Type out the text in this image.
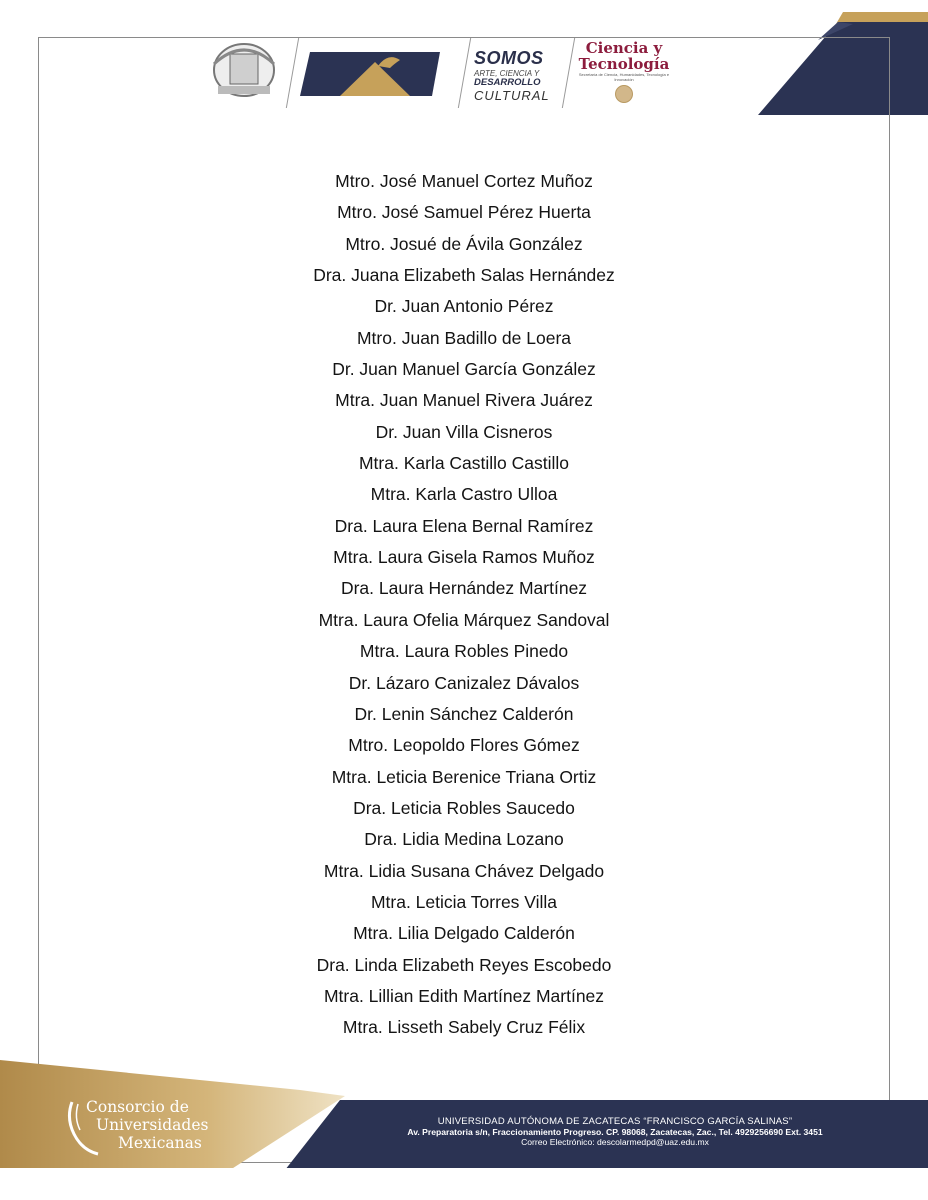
SOMOS
ARTE, CIENCIA Y
DESARROLLO
CULTURAL
Ciencia y
Tecnología
Secretaría de Ciencia, Humanidades, Tecnología e Innovación
Mtro. José Manuel Cortez Muñoz
Mtro. José Samuel Pérez Huerta
Mtro. Josué de Ávila González
Dra. Juana Elizabeth Salas Hernández
Dr. Juan Antonio Pérez
Mtro. Juan Badillo de Loera
Dr. Juan Manuel García González
Mtra. Juan Manuel Rivera Juárez
Dr. Juan Villa Cisneros
Mtra. Karla Castillo Castillo
Mtra. Karla Castro Ulloa
Dra. Laura Elena Bernal Ramírez
Mtra. Laura Gisela Ramos Muñoz
Dra. Laura Hernández Martínez
Mtra. Laura Ofelia Márquez Sandoval
Mtra. Laura Robles Pinedo
Dr. Lázaro Canizalez Dávalos
Dr. Lenin Sánchez Calderón
Mtro. Leopoldo Flores Gómez
Mtra. Leticia Berenice Triana Ortiz
Dra. Leticia Robles Saucedo
Dra. Lidia Medina Lozano
Mtra. Lidia Susana Chávez Delgado
Mtra. Leticia Torres Villa
Mtra. Lilia Delgado Calderón
Dra. Linda Elizabeth Reyes Escobedo
Mtra. Lillian Edith Martínez Martínez
Mtra. Lisseth Sabely Cruz Félix
Consorcio de
Universidades
Mexicanas
UNIVERSIDAD AUTÓNOMA DE ZACATECAS “FRANCISCO GARCÍA SALINAS”
Av. Preparatoria s/n, Fraccionamiento Progreso. CP. 98068, Zacatecas, Zac., Tel. 4929256690 Ext. 3451
Correo Electrónico: descolarmedpd@uaz.edu.mx
